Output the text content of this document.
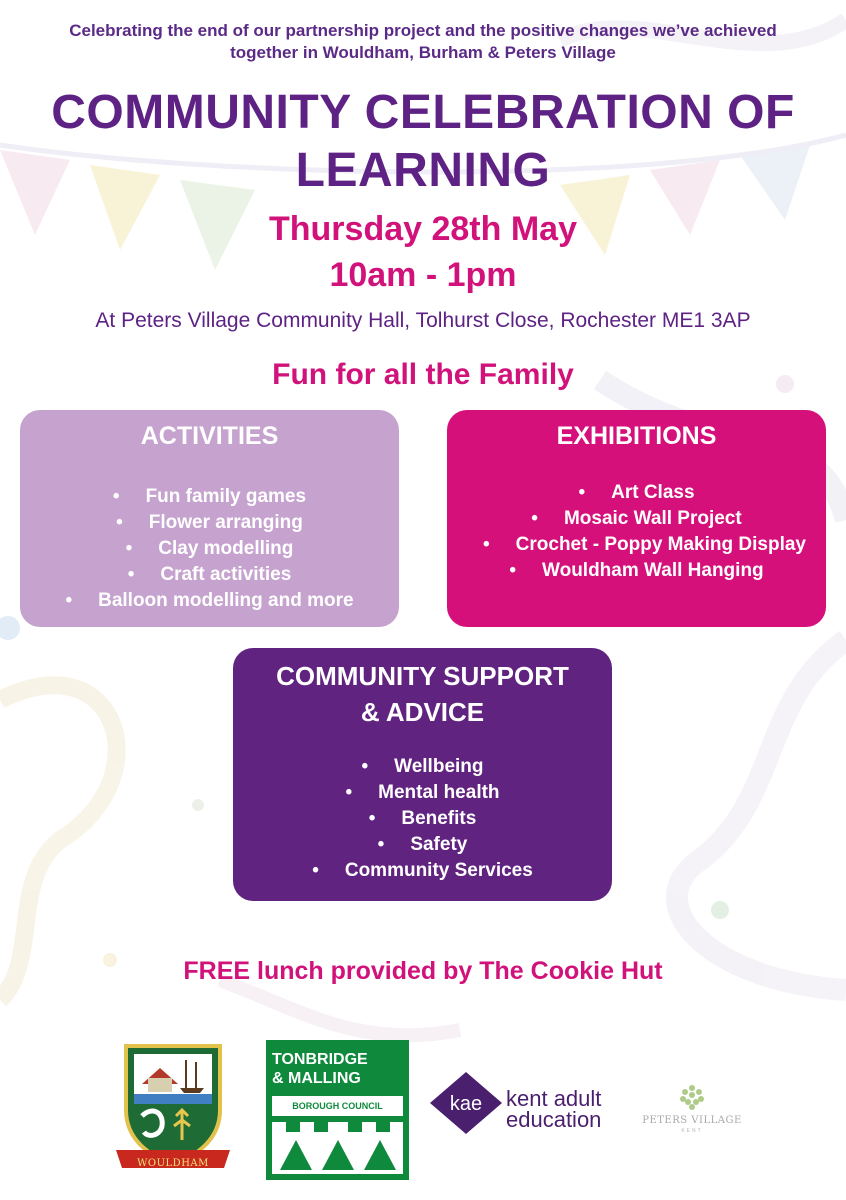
Celebrating the end of our partnership project and the positive changes we’ve achieved
together in Wouldham, Burham & Peters Village
COMMUNITY CELEBRATION OF
LEARNING
Thursday 28th May
10am - 1pm
At Peters Village Community Hall, Tolhurst Close, Rochester ME1 3AP
Fun for all the Family
ACTIVITIES
• Fun family games
• Flower arranging
• Clay modelling
• Craft activities
• Balloon modelling and more
EXHIBITIONS
• Art Class
• Mosaic Wall Project
• Crochet - Poppy Making Display
• Wouldham Wall Hanging
COMMUNITY SUPPORT
& ADVICE
• Wellbeing
• Mental health
• Benefits
• Safety
• Community Services
FREE lunch provided by The Cookie Hut
WOULDHAM
TONBRIDGE
& MALLING
BOROUGH COUNCIL	kae kent adult
education	PETERS VILLAGE
KENT
